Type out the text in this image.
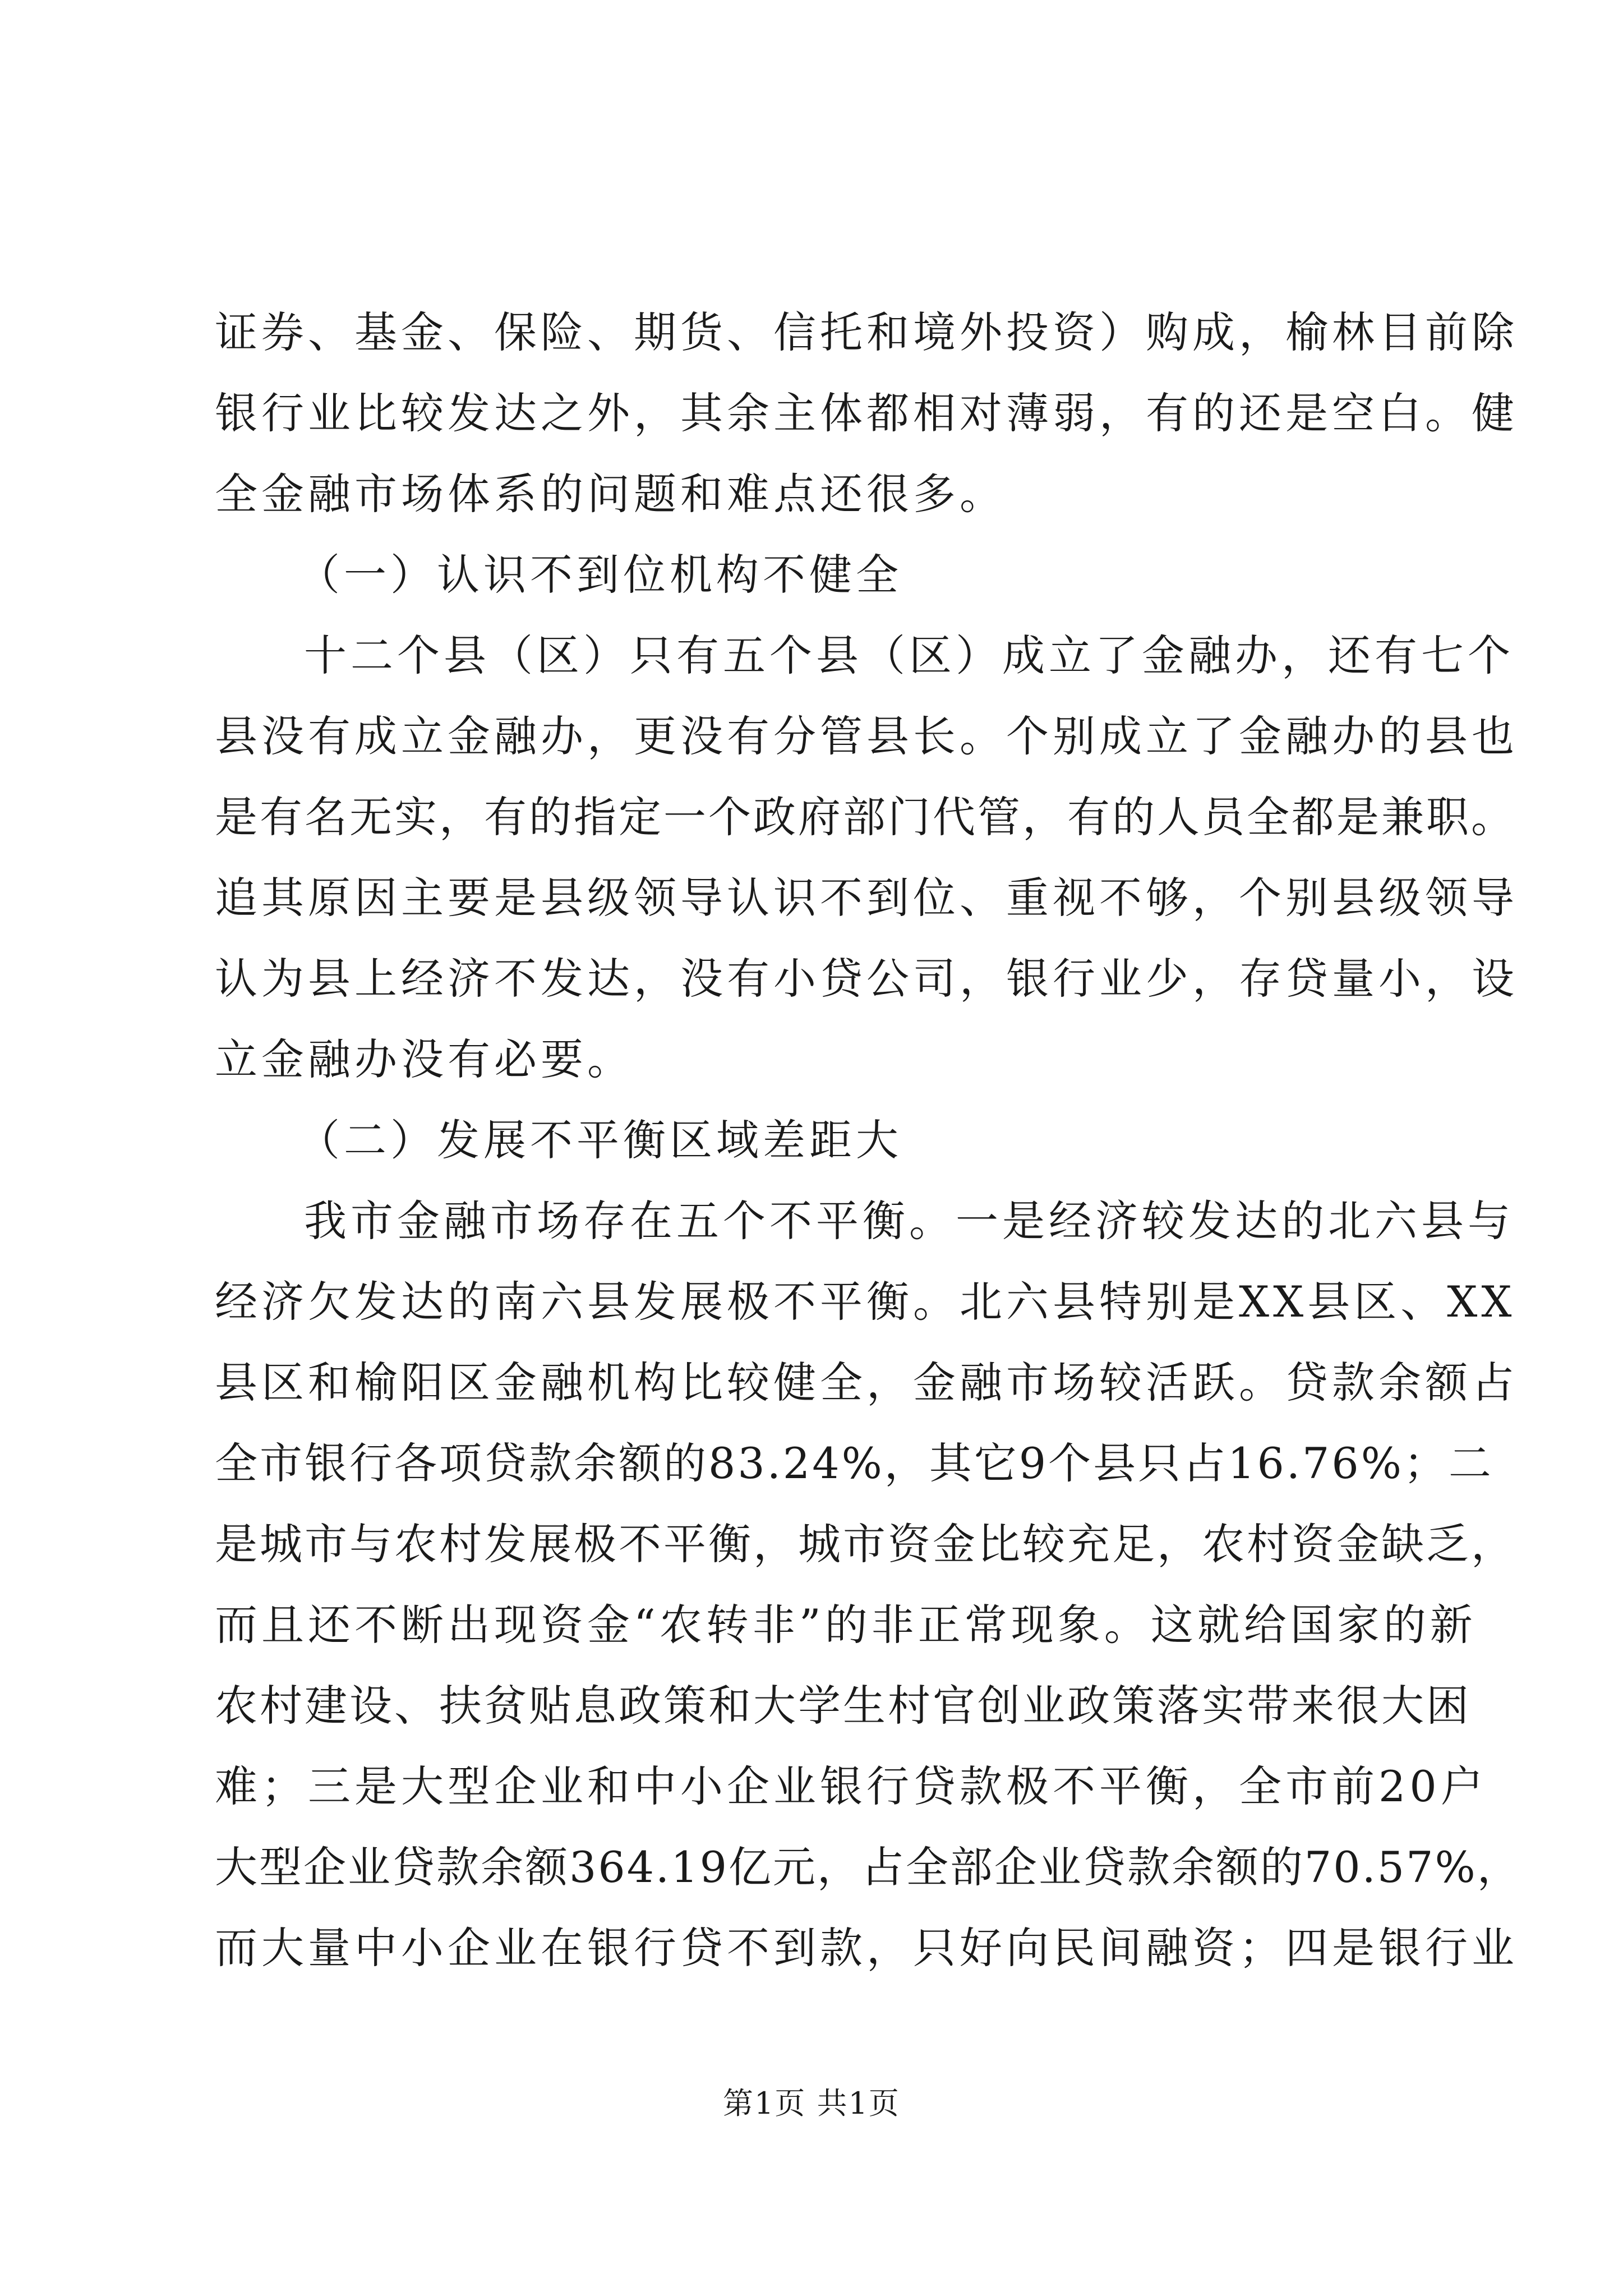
证券、基金、保险、期货、信托和境外投资）购成，榆林目前除

银行业比较发达之外，其余主体都相对薄弱，有的还是空白。健

全金融市场体系的问题和难点还很多。

（一）认识不到位机构不健全

十二个县（区）只有五个县（区）成立了金融办，还有七个

县没有成立金融办，更没有分管县长。个别成立了金融办的县也

是有名无实，有的指定一个政府部门代管，有的人员全都是兼职。

追其原因主要是县级领导认识不到位、重视不够，个别县级领导

认为县上经济不发达，没有小贷公司，银行业少，存贷量小，设

立金融办没有必要。

（二）发展不平衡区域差距大

我市金融市场存在五个不平衡。一是经济较发达的北六县与

经济欠发达的南六县发展极不平衡。北六县特别是XX县区、XX

县区和榆阳区金融机构比较健全，金融市场较活跃。贷款余额占

全市银行各项贷款余额的83.24%，其它9个县只占16.76%；二

是城市与农村发展极不平衡，城市资金比较充足，农村资金缺乏，

而且还不断出现资金“农转非”的非正常现象。这就给国家的新

农村建设、扶贫贴息政策和大学生村官创业政策落实带来很大困

难；三是大型企业和中小企业银行贷款极不平衡，全市前20户

大型企业贷款余额364.19亿元，占全部企业贷款余额的70.57%，

而大量中小企业在银行贷不到款，只好向民间融资；四是银行业

第1页 共1页
